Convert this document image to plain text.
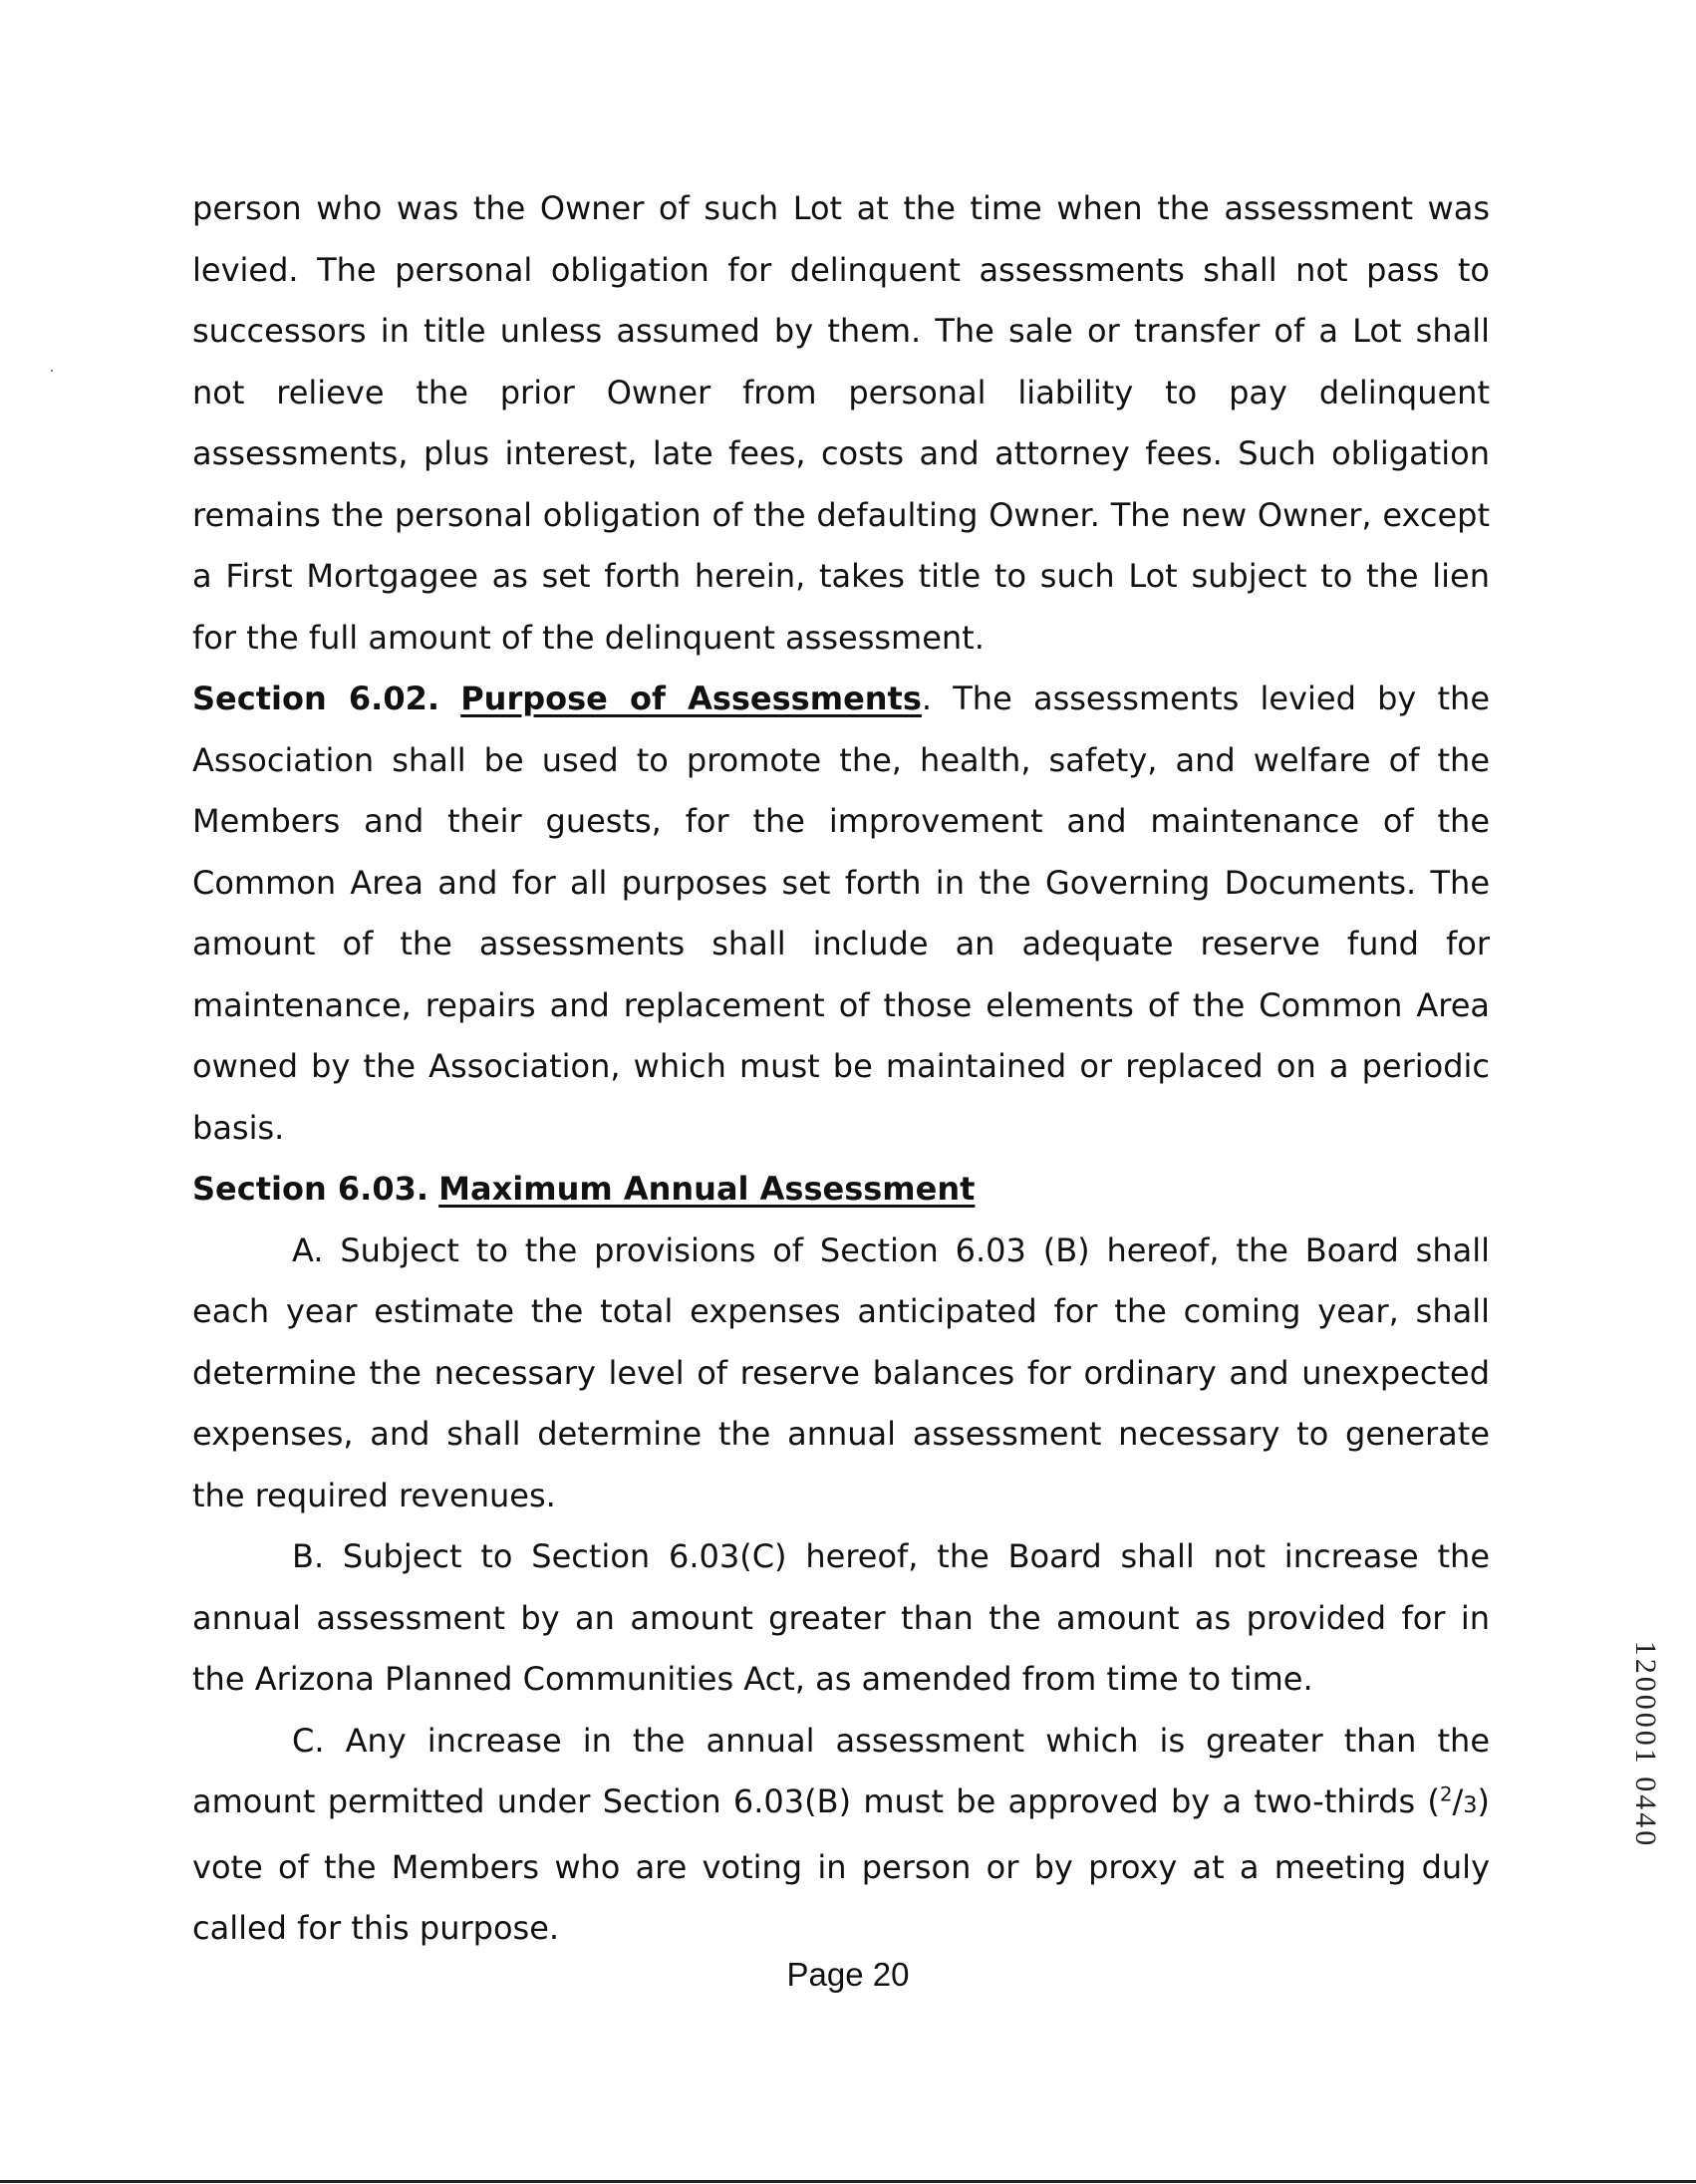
person who was the Owner of such Lot at the time when the assessment was levied. The personal obligation for delinquent assessments shall not pass to successors in title unless assumed by them. The sale or transfer of a Lot shall not relieve the prior Owner from personal liability to pay delinquent assessments, plus interest, late fees, costs and attorney fees. Such obligation remains the personal obligation of the defaulting Owner. The new Owner, except a First Mortgagee as set forth herein, takes title to such Lot subject to the lien for the full amount of the delinquent assessment.

Section 6.02. Purpose of Assessments. The assessments levied by the Association shall be used to promote the, health, safety, and welfare of the Members and their guests, for the improvement and maintenance of the Common Area and for all purposes set forth in the Governing Documents. The amount of the assessments shall include an adequate reserve fund for maintenance, repairs and replacement of those elements of the Common Area owned by the Association, which must be maintained or replaced on a periodic basis.

Section 6.03. Maximum Annual Assessment

A. Subject to the provisions of Section 6.03 (B) hereof, the Board shall each year estimate the total expenses anticipated for the coming year, shall determine the necessary level of reserve balances for ordinary and unexpected expenses, and shall determine the annual assessment necessary to generate the required revenues.

B. Subject to Section 6.03(C) hereof, the Board shall not increase the annual assessment by an amount greater than the amount as provided for in the Arizona Planned Communities Act, as amended from time to time.

C. Any increase in the annual assessment which is greater than the amount permitted under Section 6.03(B) must be approved by a two-thirds ($^2$/3) vote of the Members who are voting in person or by proxy at a meeting duly called for this purpose.

Page 20
1200001 0440
